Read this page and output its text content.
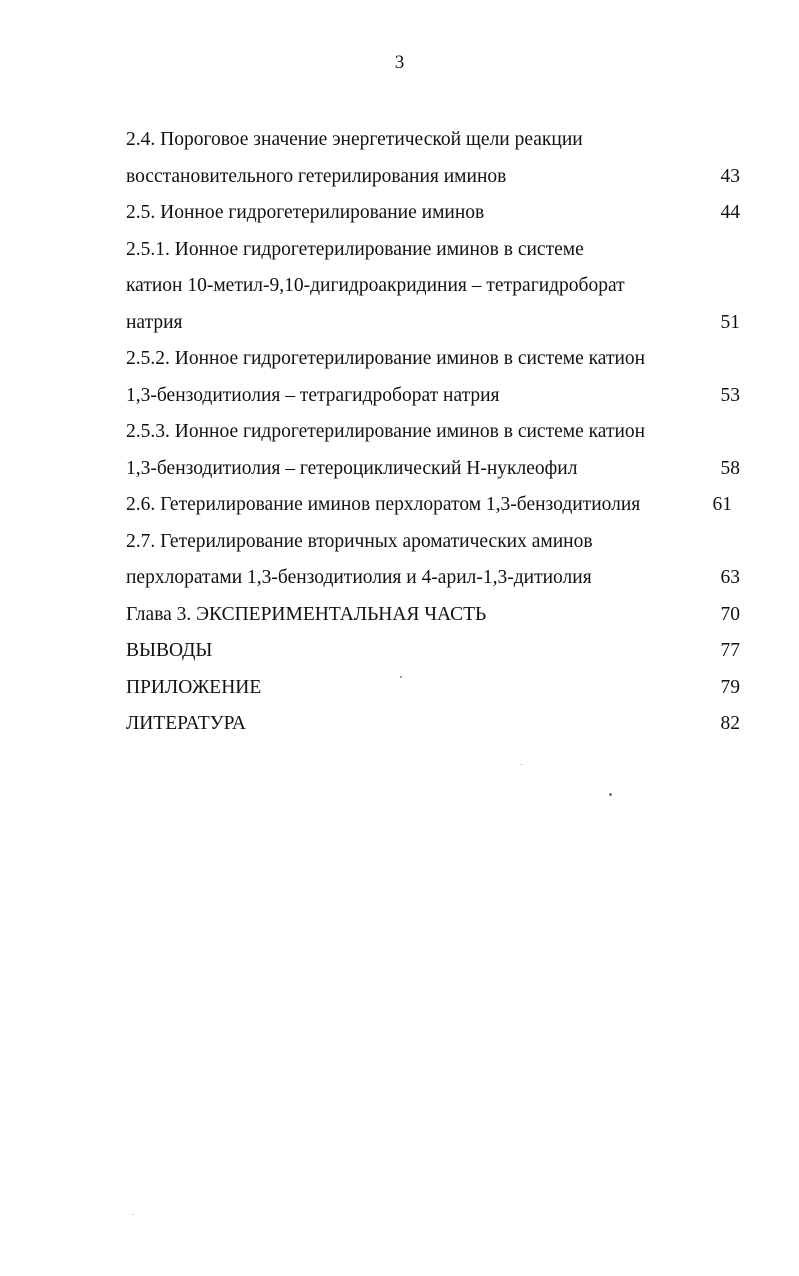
3
2.4. Пороговое значение энергетической щели реакции
восстановительного гетерилирования иминов	43
2.5. Ионное гидрогетерилирование иминов	44
2.5.1. Ионное гидрогетерилирование иминов в системе
катион 10-метил-9,10-дигидроакридиния – тетрагидроборат
натрия	51
2.5.2. Ионное гидрогетерилирование иминов в системе катион
1,3-бензодитиолия – тетрагидроборат натрия	53
2.5.3. Ионное гидрогетерилирование иминов в системе катион
1,3-бензодитиолия – гетероциклический Н-нуклеофил	58
2.6. Гетерилирование иминов перхлоратом 1,3-бензодитиолия	61
2.7. Гетерилирование вторичных ароматических аминов
перхлоратами 1,3-бензодитиолия и 4-арил-1,3-дитиолия	63
Глава 3. ЭКСПЕРИМЕНТАЛЬНАЯ ЧАСТЬ	70
ВЫВОДЫ	77
ПРИЛОЖЕНИЕ	79
ЛИТЕРАТУРА	82
